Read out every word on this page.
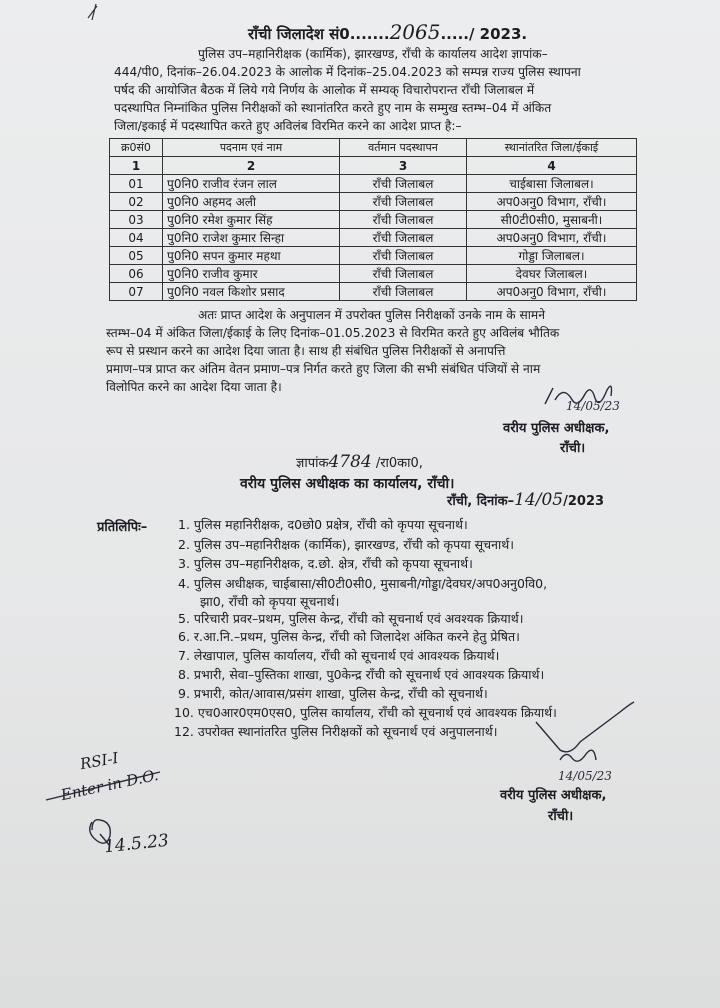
राँची जिलादेश सं0.......2065...../ 2023.
पुलिस उप–महानिरीक्षक (कार्मिक), झारखण्ड, राँची के कार्यालय आदेश ज्ञापांक–
444/पी0, दिनांक–26.04.2023 के आलोक में दिनांक–25.04.2023 को सम्पन्न राज्य पुलिस स्थापना
पर्षद की आयोजित बैठक में लिये गये निर्णय के आलोक में सम्यक् विचारोपरान्त राँची जिलाबल में
पदस्थापित निम्नांकित पुलिस निरीक्षकों को स्थानांतरित करते हुए नाम के सम्मुख स्तम्भ–04 में अंकित
जिला/इकाई में पदस्थापित करते हुए अविलंब विरमित करने का आदेश प्राप्त है:–
क्र0सं0	पदनाम एवं नाम	वर्तमान पदस्थापन	स्थानांतरित जिला/ईकाई
1	2	3	4
01	पु0नि0 राजीव रंजन लाल	राँची जिलाबल	चाईबासा जिलाबल।
02	पु0नि0 अहमद अली	राँची जिलाबल	अप0अनु0 विभाग, राँची।
03	पु0नि0 रमेश कुमार सिंह	राँची जिलाबल	सी0टी0सी0, मुसाबनी।
04	पु0नि0 राजेश कुमार सिन्हा	राँची जिलाबल	अप0अनु0 विभाग, राँची।
05	पु0नि0 सपन कुमार महथा	राँची जिलाबल	गोड्डा जिलाबल।
06	पु0नि0 राजीव कुमार	राँची जिलाबल	देवघर जिलाबल।
07	पु0नि0 नवल किशोर प्रसाद	राँची जिलाबल	अप0अनु0 विभाग, राँची।
अतः प्राप्त आदेश के अनुपालन में उपरोक्त पुलिस निरीक्षकों उनके नाम के सामने
स्तम्भ–04 में अंकित जिला/ईकाई के लिए दिनांक–01.05.2023 से विरमित करते हुए अविलंब भौतिक
रूप से प्रस्थान करने का आदेश दिया जाता है। साथ ही संबंधित पुलिस निरीक्षकों से अनापत्ति
प्रमाण–पत्र प्राप्त कर अंतिम वेतन प्रमाण–पत्र निर्गत करते हुए जिला की सभी संबंधित पंजियों से नाम
विलोपित करने का आदेश दिया जाता है।
वरीय पुलिस अधीक्षक,
राँची।
ज्ञापांक4784 /रा0का0,
वरीय पुलिस अधीक्षक का कार्यालय, राँची।
राँची, दिनांक–14/05/2023
प्रतिलिपिः– 1. पुलिस महानिरीक्षक, द0छो0 प्रक्षेत्र, राँची को कृपया सूचनार्थ।
2. पुलिस उप–महानिरीक्षक (कार्मिक), झारखण्ड, राँची को कृपया सूचनार्थ।
3. पुलिस उप–महानिरीक्षक, द.छो. क्षेत्र, राँची को कृपया सूचनार्थ।
4. पुलिस अधीक्षक, चाईबासा/सी0टी0सी0, मुसाबनी/गोड्डा/देवघर/अप0अनु0वि0,
झा0, राँची को कृपया सूचनार्थ।
5. परिचारी प्रवर–प्रथम, पुलिस केन्द्र, राँची को सूचनार्थ एवं अवश्यक क्रियार्थ।
6. र.आ.नि.–प्रथम, पुलिस केन्द्र, राँची को जिलादेश अंकित करने हेतु प्रेषित।
7. लेखापाल, पुलिस कार्यालय, राँची को सूचनार्थ एवं आवश्यक क्रियार्थ।
8. प्रभारी, सेवा–पुस्तिका शाखा, पु0केन्द्र राँची को सूचनार्थ एवं आवश्यक क्रियार्थ।
9. प्रभारी, कोत/आवास/प्रसंग शाखा, पुलिस केन्द्र, राँची को सूचनार्थ।
10. एच0आर0एम0एस0, पुलिस कार्यालय, राँची को सूचनार्थ एवं आवश्यक क्रियार्थ।
12. उपरोक्त स्थानांतरित पुलिस निरीक्षकों को सूचनार्थ एवं अनुपालनार्थ।
वरीय पुलिस अधीक्षक,
राँची।
RSI-I
Enter in D.O.
14.5.23
14/05/23
14/05/23
